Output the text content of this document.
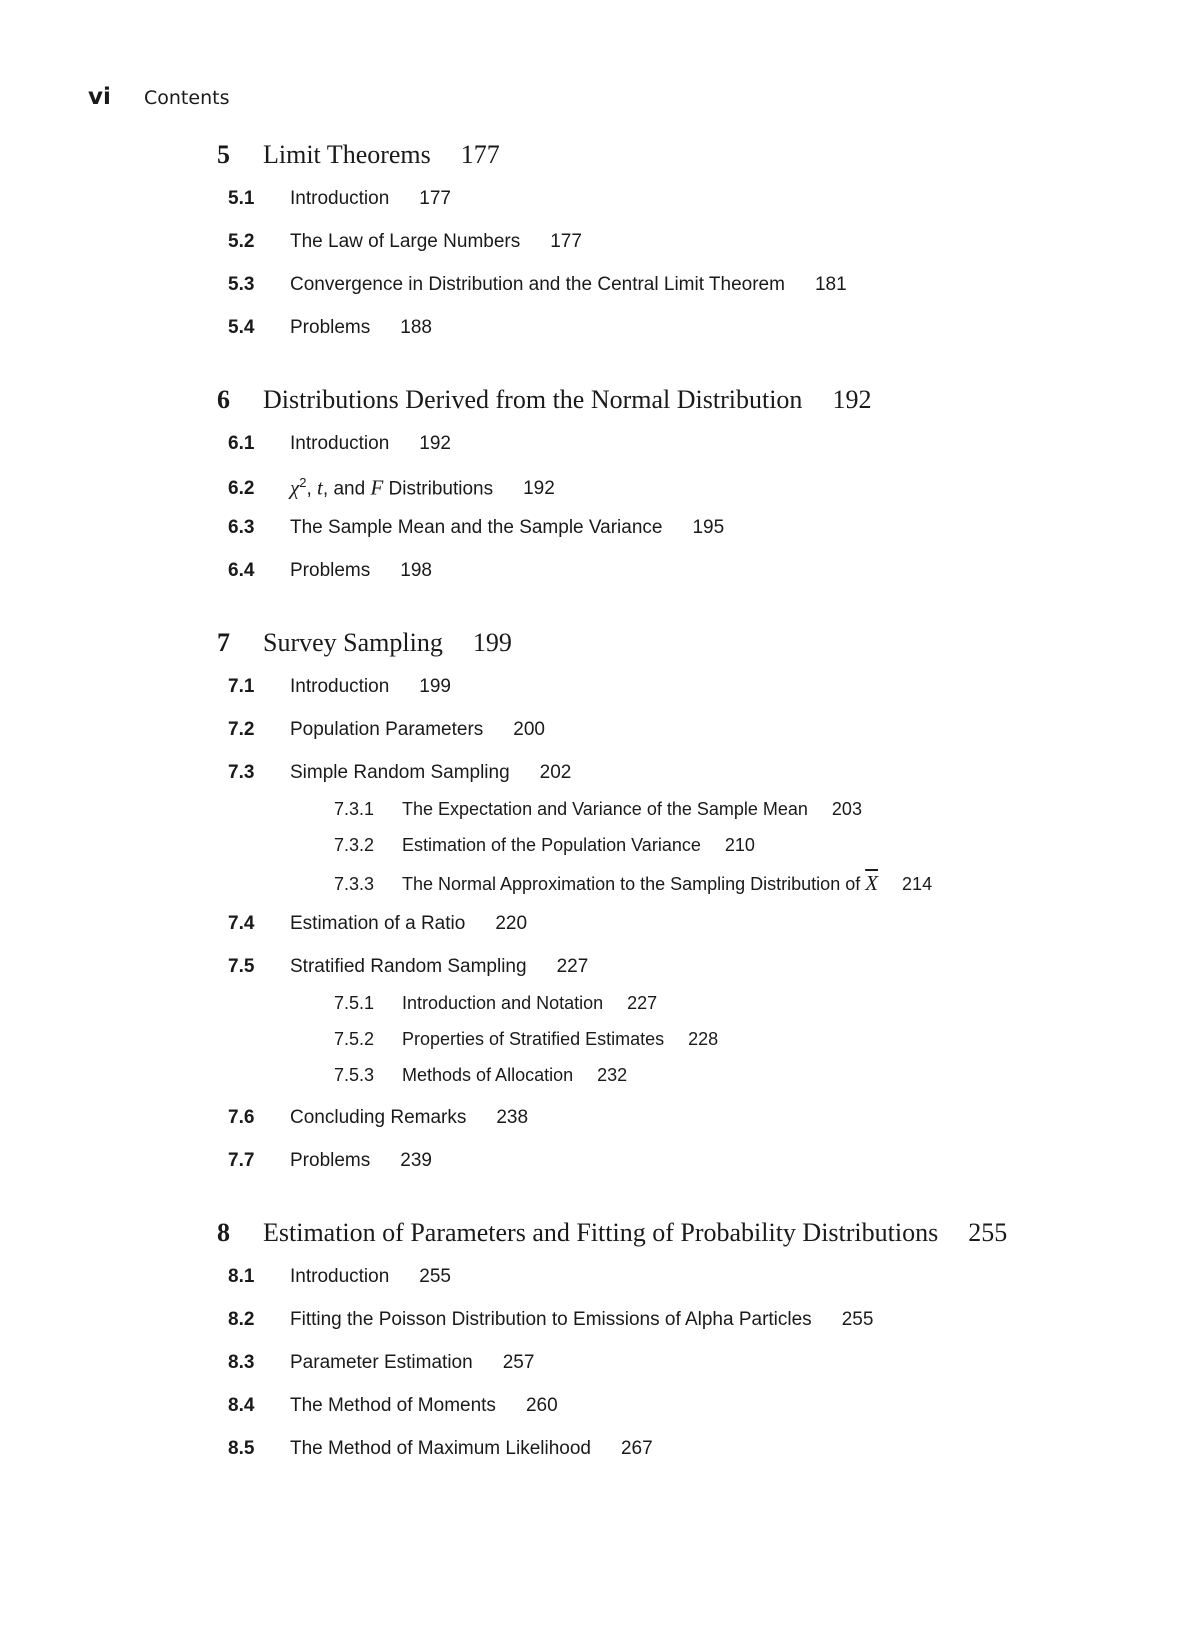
vi	Contents
5	Limit Theorems 177
5.1	Introduction 177
5.2	The Law of Large Numbers 177
5.3	Convergence in Distribution and the Central Limit Theorem 181
5.4	Problems 188
6	Distributions Derived from the Normal Distribution 192
6.1	Introduction 192
6.2	$\chi^2$, t, and F Distributions 192
6.3	The Sample Mean and the Sample Variance 195
6.4	Problems 198
7	Survey Sampling 199
7.1	Introduction 199
7.2	Population Parameters 200
7.3	Simple Random Sampling 202
7.3.1	The Expectation and Variance of the Sample Mean 203
7.3.2	Estimation of the Population Variance 210
7.3.3	The Normal Approximation to the Sampling Distribution of $\overline{X}$ 214
7.4	Estimation of a Ratio 220
7.5	Stratified Random Sampling 227
7.5.1	Introduction and Notation 227
7.5.2	Properties of Stratified Estimates 228
7.5.3	Methods of Allocation 232
7.6	Concluding Remarks 238
7.7	Problems 239
8	Estimation of Parameters and Fitting of Probability Distributions 255
8.1	Introduction 255
8.2	Fitting the Poisson Distribution to Emissions of Alpha Particles 255
8.3	Parameter Estimation 257
8.4	The Method of Moments 260
8.5	The Method of Maximum Likelihood 267
